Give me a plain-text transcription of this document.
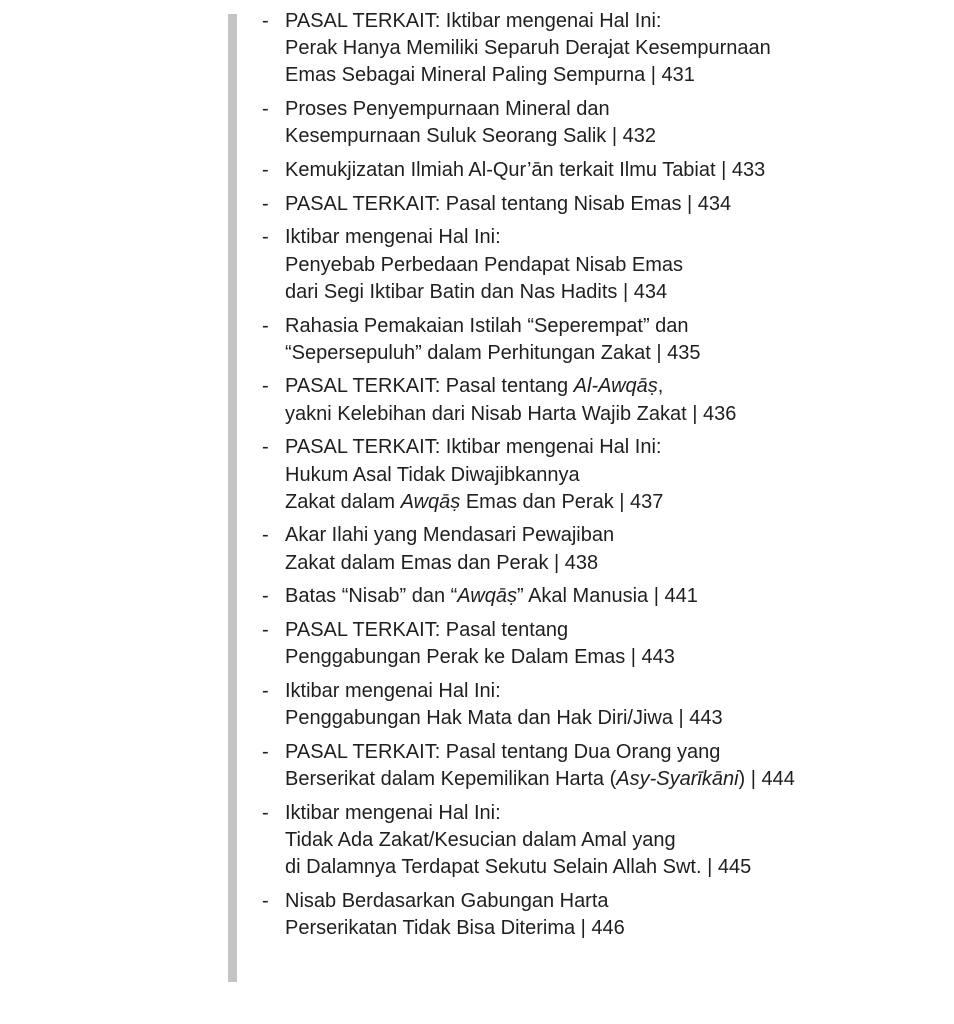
- PASAL TERKAIT: Iktibar mengenai Hal Ini:
Perak Hanya Memiliki Separuh Derajat Kesempurnaan
Emas Sebagai Mineral Paling Sempurna | 431
- Proses Penyempurnaan Mineral dan
Kesempurnaan Suluk Seorang Salik | 432
- Kemukjizatan Ilmiah Al-Qur’ān terkait Ilmu Tabiat | 433
- PASAL TERKAIT: Pasal tentang Nisab Emas | 434
- Iktibar mengenai Hal Ini:
Penyebab Perbedaan Pendapat Nisab Emas
dari Segi Iktibar Batin dan Nas Hadits | 434
- Rahasia Pemakaian Istilah “Seperempat” dan
“Sepersepuluh” dalam Perhitungan Zakat | 435
- PASAL TERKAIT: Pasal tentang Al-Awqāṣ,
yakni Kelebihan dari Nisab Harta Wajib Zakat | 436
- PASAL TERKAIT: Iktibar mengenai Hal Ini:
Hukum Asal Tidak Diwajibkannya
Zakat dalam Awqāṣ Emas dan Perak | 437
- Akar Ilahi yang Mendasari Pewajiban
Zakat dalam Emas dan Perak | 438
- Batas “Nisab” dan “Awqāṣ” Akal Manusia | 441
- PASAL TERKAIT: Pasal tentang
Penggabungan Perak ke Dalam Emas | 443
- Iktibar mengenai Hal Ini:
Penggabungan Hak Mata dan Hak Diri/Jiwa | 443
- PASAL TERKAIT: Pasal tentang Dua Orang yang
Berserikat dalam Kepemilikan Harta (Asy-Syarīkāni) | 444
- Iktibar mengenai Hal Ini:
Tidak Ada Zakat/Kesucian dalam Amal yang
di Dalamnya Terdapat Sekutu Selain Allah Swt. | 445
- Nisab Berdasarkan Gabungan Harta
Perserikatan Tidak Bisa Diterima | 446
